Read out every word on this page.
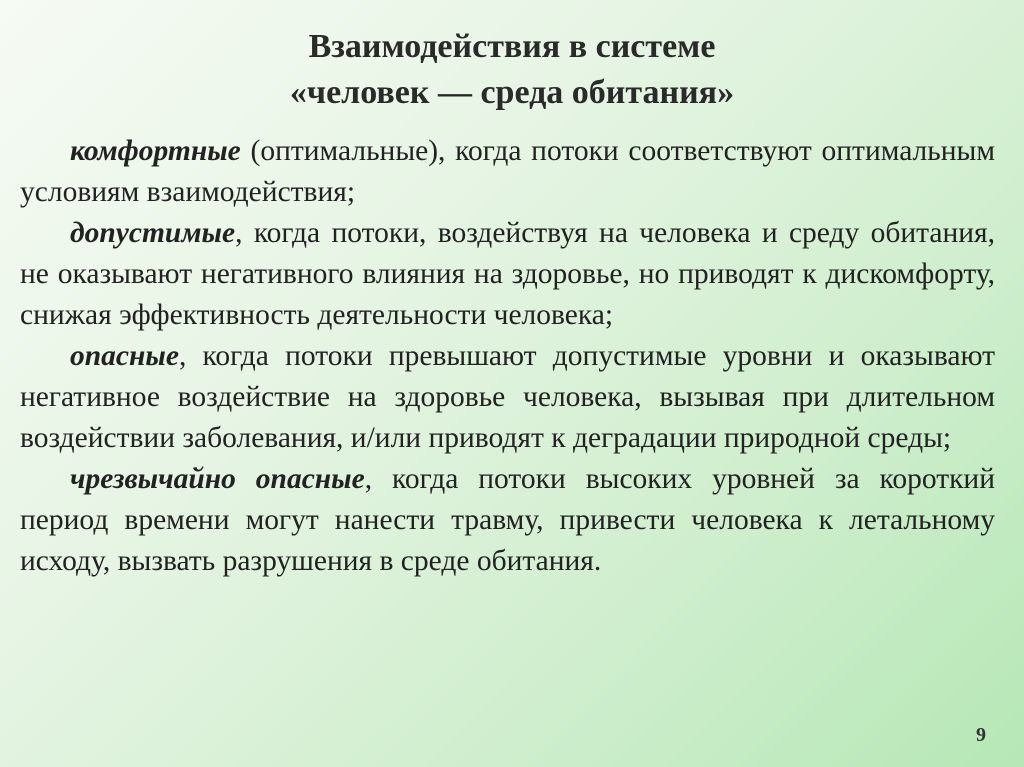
Взаимодействия в системе
«человек — среда обитания»
комфортные (оптимальные), когда потоки соответствуют оптимальным условиям взаимодействия;
допустимые, когда потоки, воздействуя на человека и среду обитания, не оказывают негативного влияния на здоровье, но приводят к дискомфорту, снижая эффективность деятельности человека;
опасные, когда потоки превышают допустимые уровни и оказывают негативное воздействие на здоровье человека, вызывая при длительном воздействии заболевания, и/или приводят к деградации природной среды;
чрезвычайно опасные, когда потоки высоких уровней за короткий период времени могут нанести травму, привести человека к летальному исходу, вызвать разрушения в среде обитания.
9
